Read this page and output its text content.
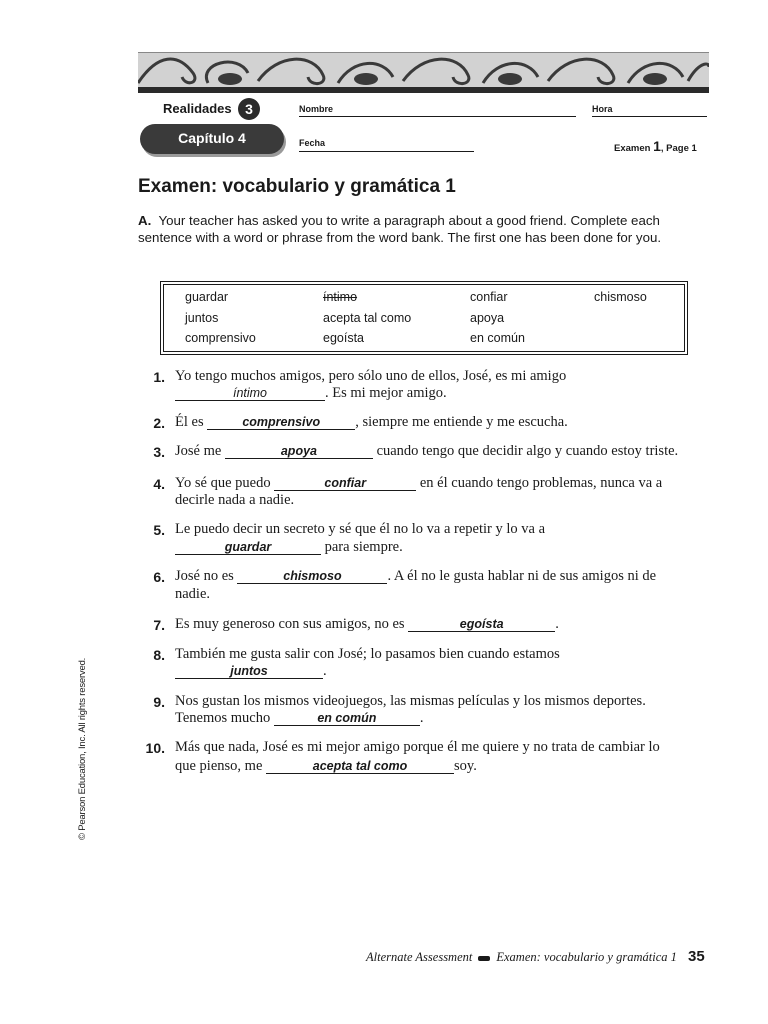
Realidades 3
Capítulo 4
Nombre	Hora
Fecha	Examen 1, Page 1
Examen: vocabulario y gramática 1
A. Your teacher has asked you to write a paragraph about a good friend. Complete each sentence with a word or phrase from the word bank. The first one has been done for you.
guardar	íntimo	confiar	chismoso
juntos	acepta tal como	apoya
comprensivo	egoísta	en común
1. Yo tengo muchos amigos, pero sólo uno de ellos, José, es mi amigo
íntimo	. Es mi mejor amigo.
2. Él es	comprensivo , siempre me entiende y me escucha.
3. José me	apoya	cuando tengo que decidir algo y cuando estoy triste.
4. Yo sé que puedo	confiar	en él cuando tengo problemas, nunca va a
decirle nada a nadie.
5. Le puedo decir un secreto y sé que él no lo va a repetir y lo va a
guardar	para siempre.
6. José no es	chismoso	. A él no le gusta hablar ni de sus amigos ni de
nadie.
7. Es muy generoso con sus amigos, no es	egoísta	.
8. También me gusta salir con José; lo pasamos bien cuando estamos
juntos	.
9. Nos gustan los mismos videojuegos, las mismas películas y los mismos deportes.
Tenemos mucho	en común	.
10. Más que nada, José es mi mejor amigo porque él me quiere y no trata de cambiar lo
que pienso, me	acepta tal como	soy.
© Pearson Education, Inc. All rights reserved.
Alternate Assessment Examen: vocabulario y gramática 1 35
